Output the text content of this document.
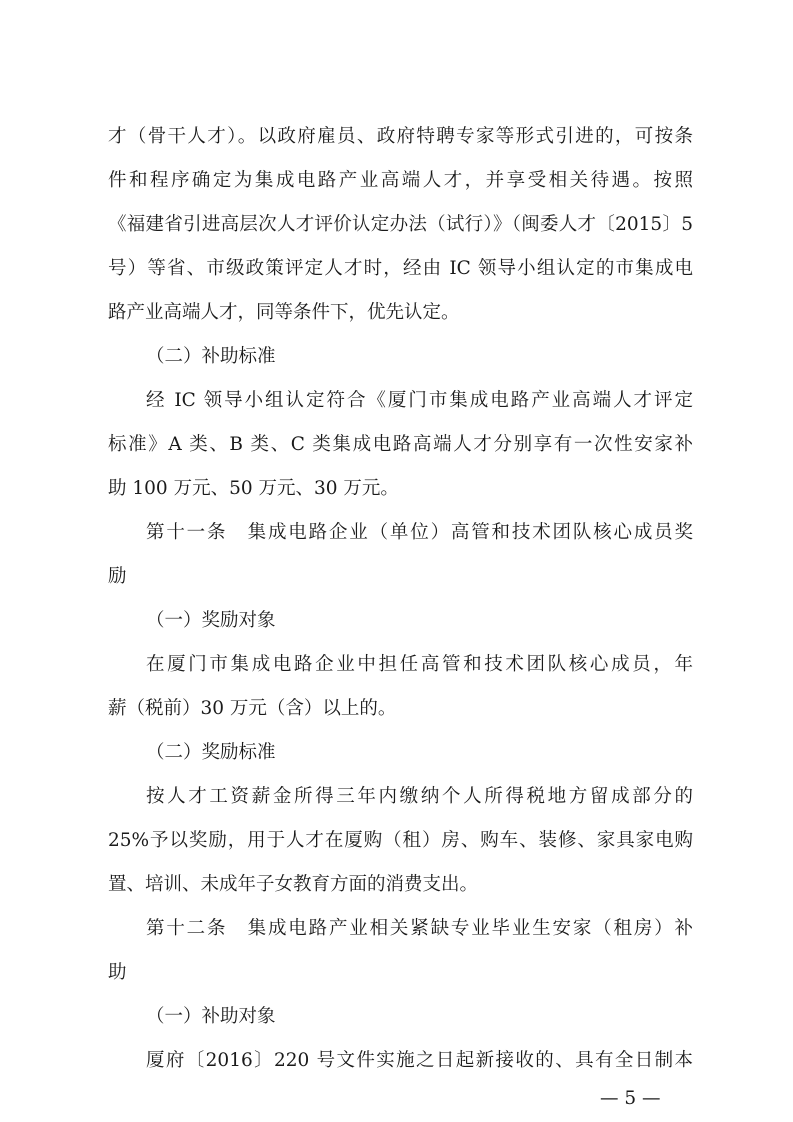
才（骨干人才）。以政府雇员、政府特聘专家等形式引进的，可按条
件和程序确定为集成电路产业高端人才，并享受相关待遇。按照
《福建省引进高层次人才评价认定办法（试行）》（闽委人才〔2015〕5
号）等省、市级政策评定人才时，经由 IC 领导小组认定的市集成电
路产业高端人才，同等条件下，优先认定。
（二）补助标准
经 IC 领导小组认定符合《厦门市集成电路产业高端人才评定
标准》A 类、B 类、C 类集成电路高端人才分别享有一次性安家补
助 100 万元、50 万元、30 万元。
第十一条　集成电路企业（单位）高管和技术团队核心成员奖
励
（一）奖励对象
在厦门市集成电路企业中担任高管和技术团队核心成员，年
薪（税前）30 万元（含）以上的。
（二）奖励标准
按人才工资薪金所得三年内缴纳个人所得税地方留成部分的
25%予以奖励，用于人才在厦购（租）房、购车、装修、家具家电购
置、培训、未成年子女教育方面的消费支出。
第十二条　集成电路产业相关紧缺专业毕业生安家（租房）补
助
（一）补助对象
厦府〔2016〕220 号文件实施之日起新接收的、具有全日制本
— 5 —
